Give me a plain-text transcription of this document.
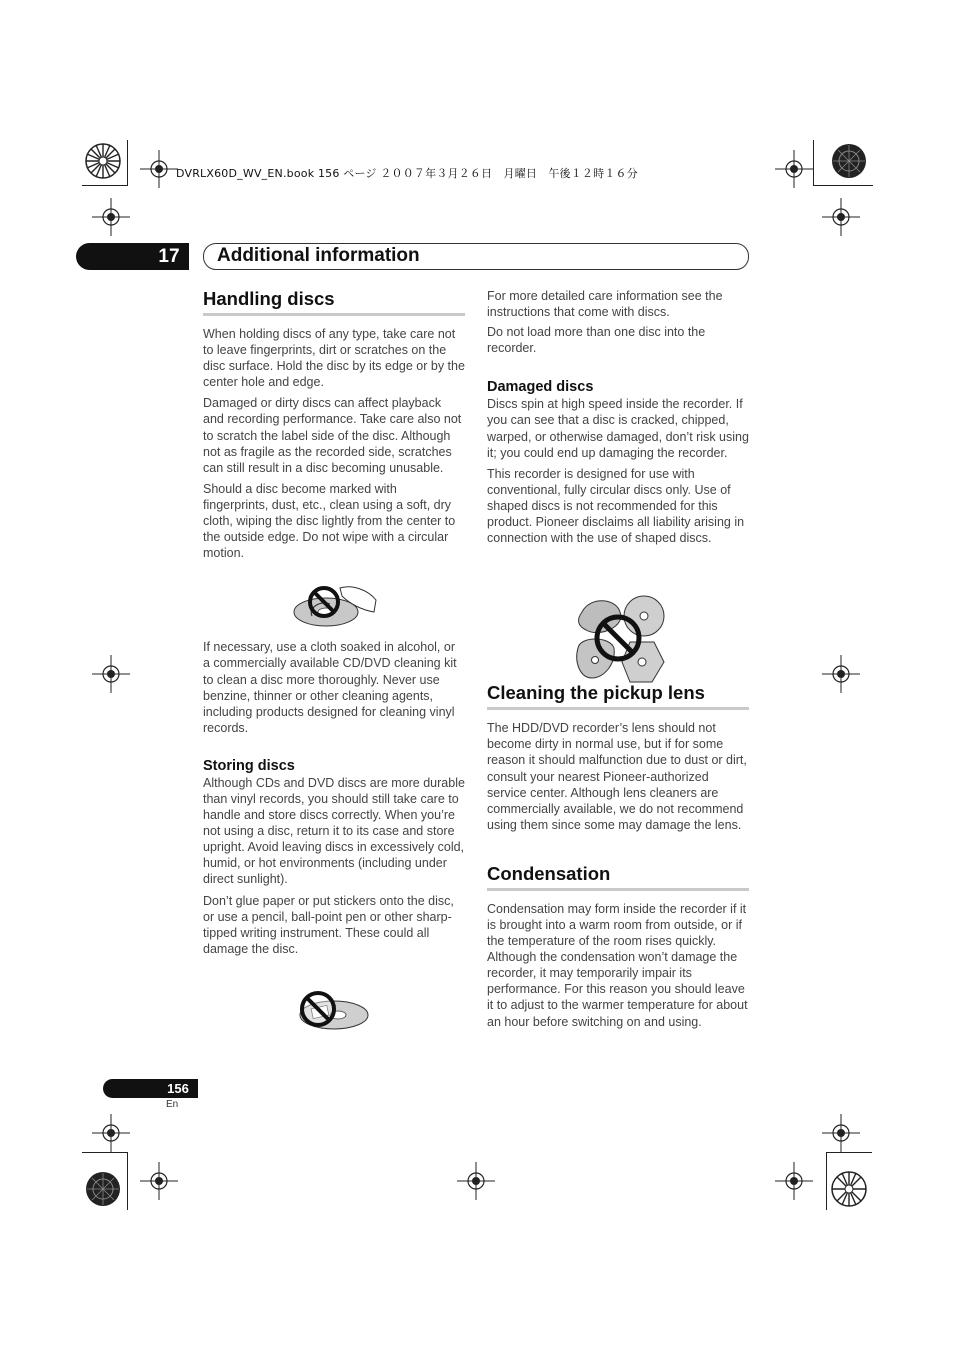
DVRLX60D_WV_EN.book 156 ページ ２００７年３月２６日　月曜日　午後１２時１６分
17	Additional information
Handling discs

When holding discs of any type, take care not to leave fingerprints, dirt or scratches on the disc surface. Hold the disc by its edge or by the center hole and edge.

Damaged or dirty discs can affect playback and recording performance. Take care also not to scratch the label side of the disc. Although not as fragile as the recorded side, scratches can still result in a disc becoming unusable.

Should a disc become marked with fingerprints, dust, etc., clean using a soft, dry cloth, wiping the disc lightly from the center to the outside edge. Do not wipe with a circular motion.

If necessary, use a cloth soaked in alcohol, or a commercially available CD/DVD cleaning kit to clean a disc more thoroughly. Never use benzine, thinner or other cleaning agents, including products designed for cleaning vinyl records.

Storing discs

Although CDs and DVD discs are more durable than vinyl records, you should still take care to handle and store discs correctly. When you’re not using a disc, return it to its case and store upright. Avoid leaving discs in excessively cold, humid, or hot environments (including under direct sunlight).

Don’t glue paper or put stickers onto the disc, or use a pencil, ball-point pen or other sharp-tipped writing instrument. These could all damage the disc.

For more detailed care information see the instructions that come with discs.

Do not load more than one disc into the recorder.

Damaged discs

Discs spin at high speed inside the recorder. If you can see that a disc is cracked, chipped, warped, or otherwise damaged, don’t risk using it; you could end up damaging the recorder.

This recorder is designed for use with conventional, fully circular discs only. Use of shaped discs is not recommended for this product. Pioneer disclaims all liability arising in connection with the use of shaped discs.

Cleaning the pickup lens

The HDD/DVD recorder’s lens should not become dirty in normal use, but if for some reason it should malfunction due to dust or dirt, consult your nearest Pioneer-authorized service center. Although lens cleaners are commercially available, we do not recommend using them since some may damage the lens.

Condensation

Condensation may form inside the recorder if it is brought into a warm room from outside, or if the temperature of the room rises quickly. Although the condensation won’t damage the recorder, it may temporarily impair its performance. For this reason you should leave it to adjust to the warmer temperature for about an hour before switching on and using.

156
En
